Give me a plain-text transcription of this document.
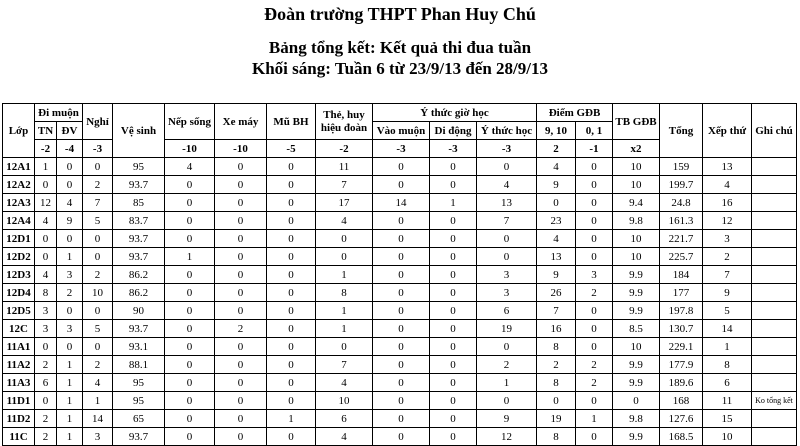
Đoàn trường THPT Phan Huy Chú
Bảng tổng kết: Kết quả thi đua tuần
Khối sáng: Tuần 6 từ 23/9/13 đến 28/9/13
Lớp	Đi muộn		Nghỉ	Vệ sinh	Nếp sống	Xe máy	Mũ BH	Thẻ, huy hiệu đoàn	Ý thức giờ học			Điểm GĐB		TB GĐB	Tổng	Xếp thứ	Ghi chú
	TN	ĐV							Vào muộn	Di động	Ý thức học	9, 10	0, 1				
	-2	-4	-3		-10	-10	-5	-2	-3	-3	-3	2	-1	x2			
12A1	1	0	0	95	4	0	0	11	0	0	0	4	0	10	159	13	
12A2	0	0	2	93.7	0	0	0	7	0	0	4	9	0	10	199.7	4	
12A3	12	4	7	85	0	0	0	17	14	1	13	0	0	9.4	24.8	16	
12A4	4	9	5	83.7	0	0	0	4	0	0	7	23	0	9.8	161.3	12	
12D1	0	0	0	93.7	0	0	0	0	0	0	0	4	0	10	221.7	3	
12D2	0	1	0	93.7	1	0	0	0	0	0	0	13	0	10	225.7	2	
12D3	4	3	2	86.2	0	0	0	1	0	0	3	9	3	9.9	184	7	
12D4	8	2	10	86.2	0	0	0	8	0	0	3	26	2	9.9	177	9	
12D5	3	0	0	90	0	0	0	1	0	0	6	7	0	9.9	197.8	5	
12C	3	3	5	93.7	0	2	0	1	0	0	19	16	0	8.5	130.7	14	
11A1	0	0	0	93.1	0	0	0	0	0	0	0	8	0	10	229.1	1	
11A2	2	1	2	88.1	0	0	0	7	0	0	2	2	2	9.9	177.9	8	
11A3	6	1	4	95	0	0	0	4	0	0	1	8	2	9.9	189.6	6	
11D1	0	1	1	95	0	0	0	10	0	0	0	0	0	0	168	11	Ko tổng kết
11D2	2	1	14	65	0	0	1	6	0	0	9	19	1	9.8	127.6	15	
11C	2	1	3	93.7	0	0	0	4	0	0	12	8	0	9.9	168.5	10	
